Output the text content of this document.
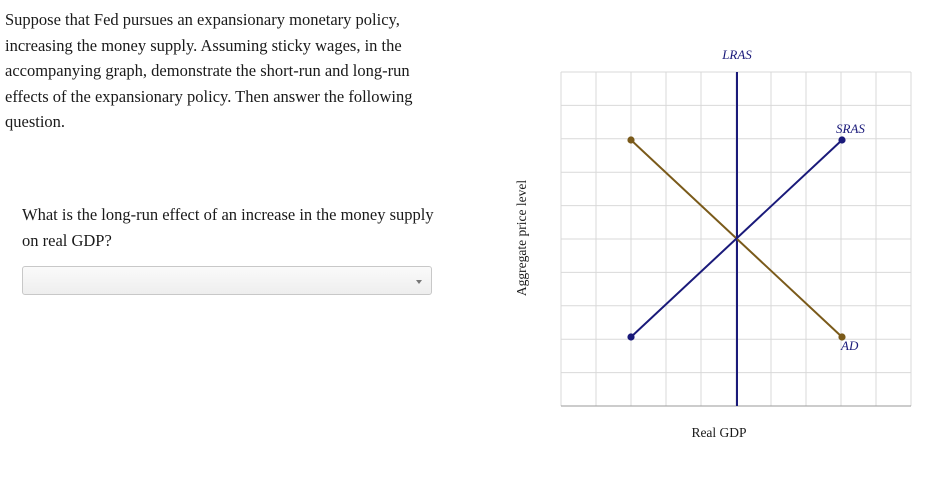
Suppose that Fed pursues an expansionary monetary policy, increasing the money supply. Assuming sticky wages, in the accompanying graph, demonstrate the short-run and long-run effects of the expansionary policy. Then answer the following question.

What is the long-run effect of an increase in the money supply on real GDP?

LRAS
AD
SRAS
Real GDP
Aggregate price level
